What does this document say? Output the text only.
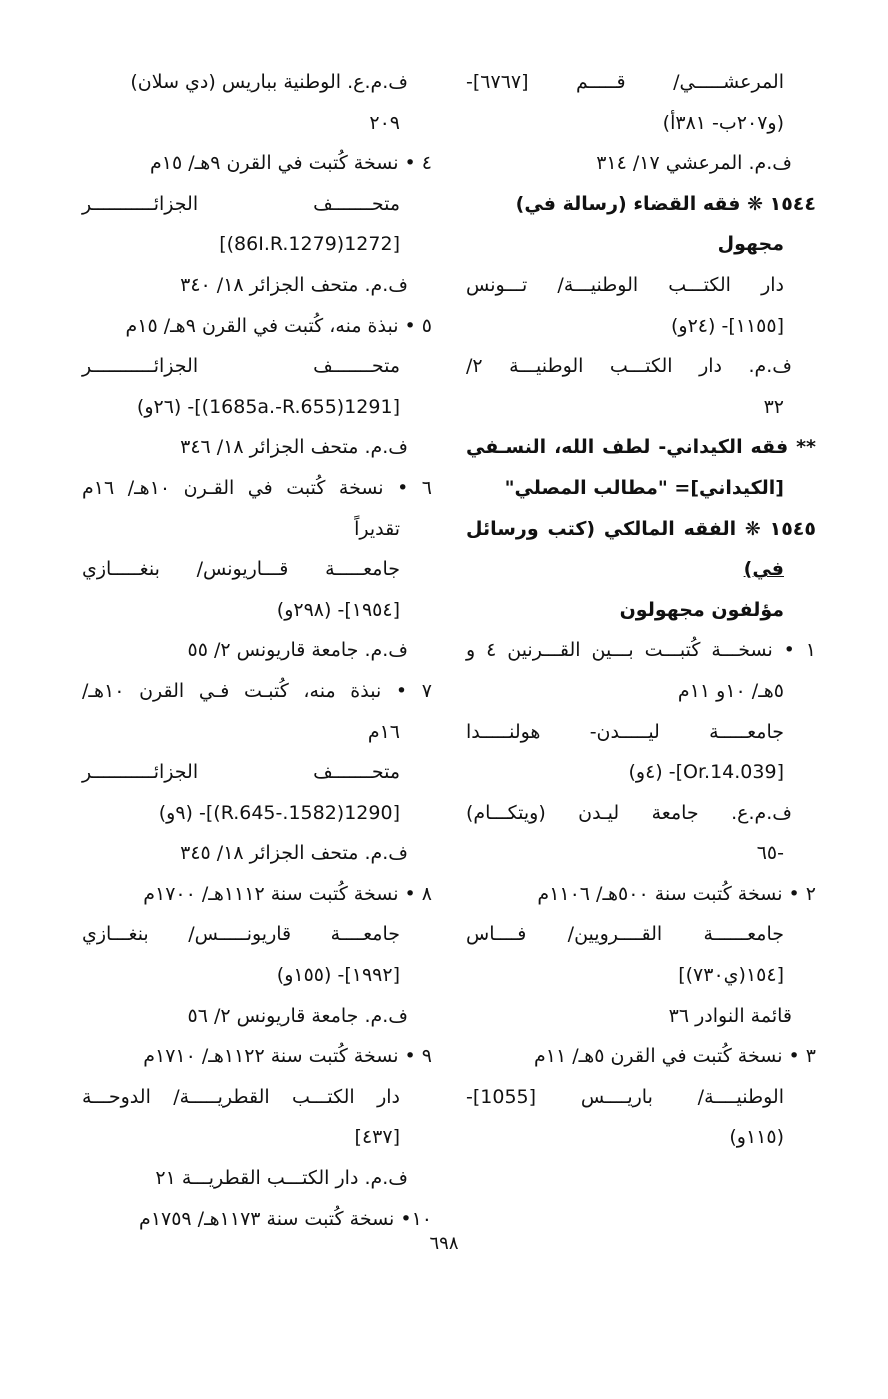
المرعشـــــي/ قـــــم [٦٧٦٧]-
(و٢٠٧ب- ٣٨١أ)
ف.م. المرعشي ١٧/ ٣١٤
١٥٤٤ ❋ فقه القضاء (رسالة في)
مجهول
دار الكتـــب الوطنيـــة/ تـــونس
[١١٥٥]- (٢٤و)
ف.م. دار الكتـــب الوطنيـــة ٢/
٣٢
** فقه الكيداني- لطف الله، النسـفي
[الكيداني]= "مطالب المصلي"
١٥٤٥ ❋ الفقه المالكي (كتب ورسائل
في)
مؤلفون مجهولون
١ • نسخـــة كُتبـــت بـــين القـــرنين ٤ و
٥هـ/ ١٠و ١١م
جامعـــــة ليـــــدن- هولنـــــدا
[Or.14.039]- (٤و)
ف.م.ع. جامعة ليـدن (ويتكـــام)
-٦٥
٢ • نسخة كُتبت سنة ٥٠٠هـ/ ١١٠٦م
جامعــــــة القــــرويين/ فــــاس
[١٥٤(ي٧٣٠)]
قائمة النوادر ٣٦
٣ • نسخة كُتبت في القرن ٥هـ/ ١١م
الوطنيــــة/ باريــــس [1055]-
(١١٥و)
ف.م.ع. الوطنية بباريس (دي سلان)
٢٠٩
٤ • نسخة كُتبت في القرن ٩هـ/ ١٥م
متحـــــــف الجزائـــــــــــر
[1272(86I.R.1279)]
ف.م. متحف الجزائر ١٨/ ٣٤٠
٥ • نبذة منه، كُتبت في القرن ٩هـ/ ١٥م
متحـــــــف الجزائـــــــــــر
[1291(1685a.-R.655)]- (٢٦و)
ف.م. متحف الجزائر ١٨/ ٣٤٦
٦ • نسخة كُتبت في القـرن ١٠هـ/ ١٦م
تقديراً
جامعـــــة قـــاريونس/ بنغـــــازي
[١٩٥٤]- (٢٩٨و)
ف.م. جامعة قاريونس ٢/ ٥٥
٧ • نبذة منه، كُتبـت فـي القرن ١٠هـ/
١٦م
متحـــــــف الجزائـــــــــــر
[1290(1582.-R.645)]- (٩و)
ف.م. متحف الجزائر ١٨/ ٣٤٥
٨ • نسخة كُتبت سنة ١١١٢هـ/ ١٧٠٠م
جامعــــة قاريونـــــس/ بنغـــازي
[١٩٩٢]- (١٥٥و)
ف.م. جامعة قاريونس ٢/ ٥٦
٩ • نسخة كُتبت سنة ١١٢٢هـ/ ١٧١٠م
دار الكتـــب القطريـــــة/ الدوحـــة
[٤٣٧]
ف.م. دار الكتـــب القطريـــة ٢١
١٠• نسخة كُتبت سنة ١١٧٣هـ/ ١٧٥٩م
٦٩٨
